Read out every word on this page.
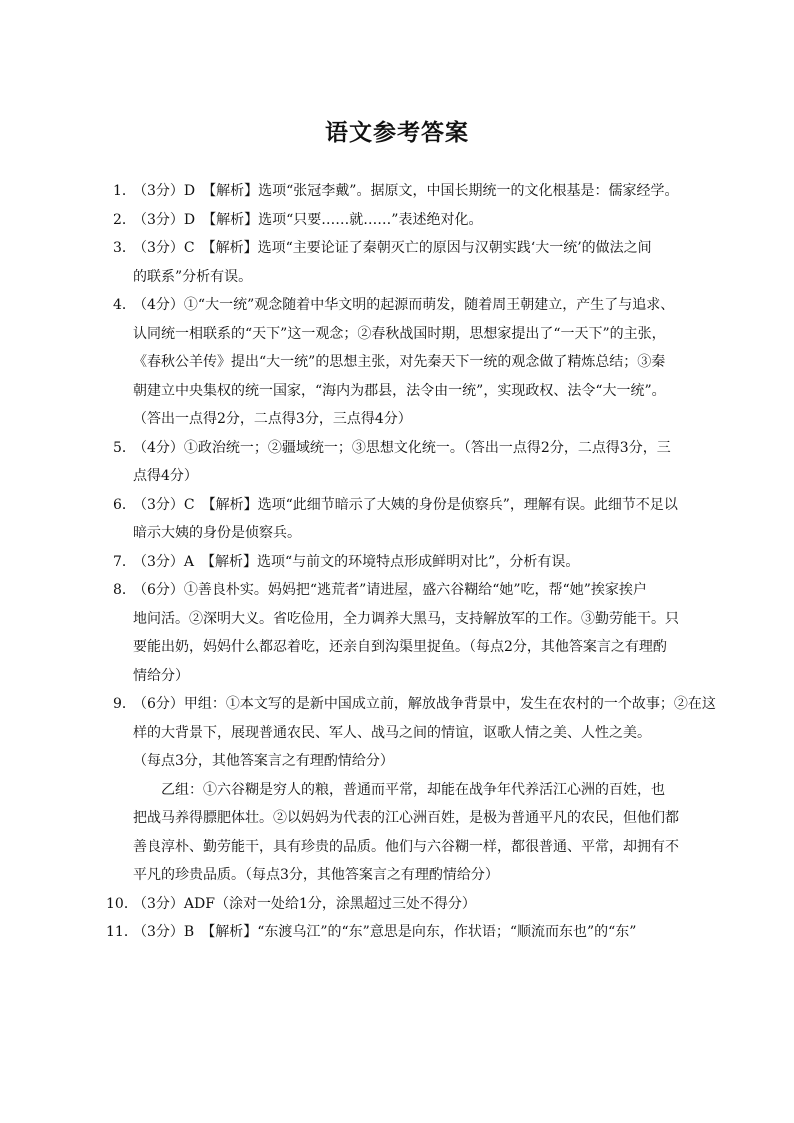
语文参考答案
1．
（3分）D　【解析】选项“张冠李戴”。据原文，中国长期统一的文化根基是：儒家经学。
2．
（3分）D　【解析】选项“只要……就……”表述绝对化。
3．
（3分）C　【解析】选项“主要论证了秦朝灭亡的原因与汉朝实践‘大一统’的做法之间
的联系”分析有误。
4．
（4分）①“大一统”观念随着中华文明的起源而萌发，随着周王朝建立，产生了与追求、
认同统一相联系的“天下”这一观念；②春秋战国时期，思想家提出了“一天下”的主张，
《春秋公羊传》提出“大一统”的思想主张，对先秦天下一统的观念做了精炼总结；③秦
朝建立中央集权的统一国家，“海内为郡县，法令由一统”，实现政权、法令“大一统”。
（答出一点得2分，二点得3分，三点得4分）
5．
（4分）①政治统一；②疆域统一；③思想文化统一。（答出一点得2分，二点得3分，三
点得4分）
6．
（3分）C　【解析】选项“此细节暗示了大姨的身份是侦察兵”，理解有误。此细节不足以
暗示大姨的身份是侦察兵。
7．
（3分）A　【解析】选项“与前文的环境特点形成鲜明对比”，分析有误。
8．
（6分）①善良朴实。妈妈把“逃荒者”请进屋，盛六谷糊给“她”吃，帮“她”挨家挨户
地问活。②深明大义。省吃俭用，全力调养大黑马，支持解放军的工作。③勤劳能干。只
要能出奶，妈妈什么都忍着吃，还亲自到沟渠里捉鱼。（每点2分，其他答案言之有理酌
情给分）
9．
（6分）甲组：①本文写的是新中国成立前，解放战争背景中，发生在农村的一个故事；②在这
样的大背景下，展现普通农民、军人、战马之间的情谊，讴歌人情之美、人性之美。
（每点3分，其他答案言之有理酌情给分）
　　乙组：①六谷糊是穷人的粮，普通而平常，却能在战争年代养活江心洲的百姓，也
把战马养得膘肥体壮。②以妈妈为代表的江心洲百姓，是极为普通平凡的农民，但他们都
善良淳朴、勤劳能干，具有珍贵的品质。他们与六谷糊一样，都很普通、平常，却拥有不
平凡的珍贵品质。（每点3分，其他答案言之有理酌情给分）
10．
（3分）ADF（涂对一处给1分，涂黑超过三处不得分）
11．
（3分）B　【解析】“东渡乌江”的“东”意思是向东，作状语；“顺流而东也”的“东”
